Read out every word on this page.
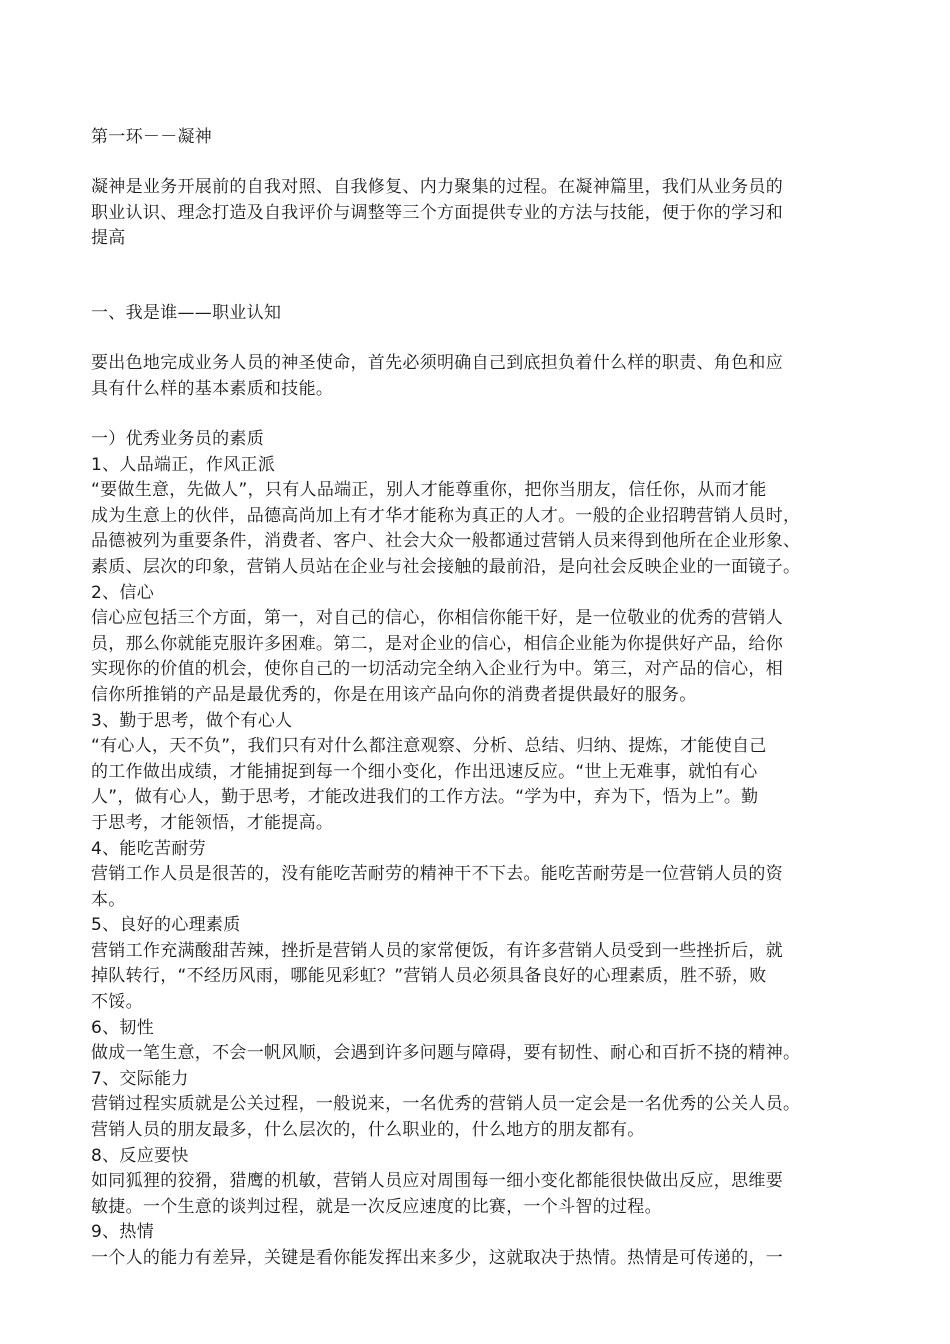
第一环－－凝神
凝神是业务开展前的自我对照、自我修复、内力聚集的过程。在凝神篇里，我们从业务员的
职业认识、理念打造及自我评价与调整等三个方面提供专业的方法与技能，便于你的学习和
提高
一、我是谁——职业认知
要出色地完成业务人员的神圣使命，首先必须明确自己到底担负着什么样的职责、角色和应
具有什么样的基本素质和技能。
一）优秀业务员的素质
1、人品端正，作风正派
“要做生意，先做人”，只有人品端正，别人才能尊重你，把你当朋友，信任你，从而才能
成为生意上的伙伴，品德高尚加上有才华才能称为真正的人才。一般的企业招聘营销人员时，
品德被列为重要条件，消费者、客户、社会大众一般都通过营销人员来得到他所在企业形象、
素质、层次的印象，营销人员站在企业与社会接触的最前沿，是向社会反映企业的一面镜子。
2、信心
信心应包括三个方面，第一，对自己的信心，你相信你能干好，是一位敬业的优秀的营销人
员，那么你就能克服许多困难。第二，是对企业的信心，相信企业能为你提供好产品，给你
实现你的价值的机会，使你自己的一切活动完全纳入企业行为中。第三，对产品的信心，相
信你所推销的产品是最优秀的，你是在用该产品向你的消费者提供最好的服务。
3、勤于思考，做个有心人
“有心人，天不负”，我们只有对什么都注意观察、分析、总结、归纳、提炼，才能使自己
的工作做出成绩，才能捕捉到每一个细小变化，作出迅速反应。“世上无难事，就怕有心
人”，做有心人，勤于思考，才能改进我们的工作方法。“学为中，弃为下，悟为上”。勤
于思考，才能领悟，才能提高。
4、能吃苦耐劳
营销工作人员是很苦的，没有能吃苦耐劳的精神干不下去。能吃苦耐劳是一位营销人员的资
本。
5、良好的心理素质
营销工作充满酸甜苦辣，挫折是营销人员的家常便饭，有许多营销人员受到一些挫折后，就
掉队转行，“不经历风雨，哪能见彩虹？”营销人员必须具备良好的心理素质，胜不骄，败
不馁。
6、韧性
做成一笔生意，不会一帆风顺，会遇到许多问题与障碍，要有韧性、耐心和百折不挠的精神。
7、交际能力
营销过程实质就是公关过程，一般说来，一名优秀的营销人员一定会是一名优秀的公关人员。
营销人员的朋友最多，什么层次的，什么职业的，什么地方的朋友都有。
8、反应要快
如同狐狸的狡猾，猎鹰的机敏，营销人员应对周围每一细小变化都能很快做出反应，思维要
敏捷。一个生意的谈判过程，就是一次反应速度的比赛，一个斗智的过程。
9、热情
一个人的能力有差异，关键是看你能发挥出来多少，这就取决于热情。热情是可传递的，一
